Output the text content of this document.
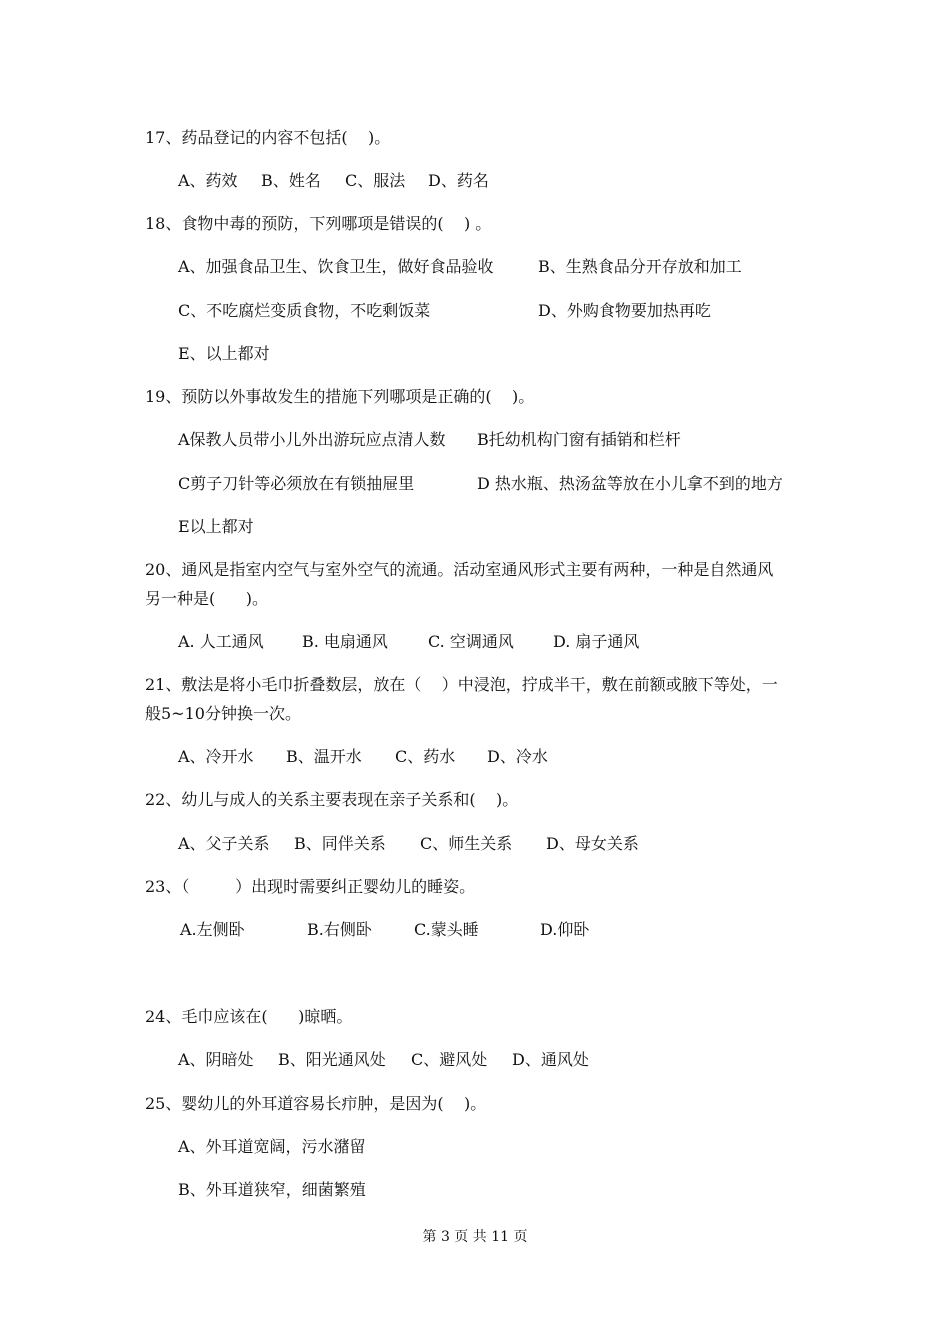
17、药品登记的内容不包括(    )。
A、药效 B、姓名 C、服法 D、药名
18、食物中毒的预防，下列哪项是错误的(    ) 。
A、加强食品卫生、饮食卫生，做好食品验收	B、生熟食品分开存放和加工
C、不吃腐烂变质食物，不吃剩饭菜	D、外购食物要加热再吃
E、以上都对
19、预防以外事故发生的措施下列哪项是正确的(    )。
A保教人员带小儿外出游玩应点清人数 B托幼机构门窗有插销和栏杆
C剪子刀针等必须放在有锁抽屉里	D 热水瓶、热汤盆等放在小儿拿不到的地方
E以上都对
20、通风是指室内空气与室外空气的流通。活动室通风形式主要有两种，一种是自然通风
另一种是(      )。
A. 人工通风 B. 电扇通风	C. 空调通风 D. 扇子通风
21、敷法是将小毛巾折叠数层，放在（    ）中浸泡，拧成半干，敷在前额或腋下等处，一
般5~10分钟换一次。
A、冷开水 B、温开水 C、药水 D、冷水
22、幼儿与成人的关系主要表现在亲子关系和(    )。
A、父子关系 B、同伴关系 C、师生关系 D、母女关系
23、（         ）出现时需要纠正婴幼儿的睡姿。
A.左侧卧	B.右侧卧	C.蒙头睡	D.仰卧
24、毛巾应该在(      )晾晒。
A、阴暗处 B、阳光通风处 C、避风处 D、通风处
25、婴幼儿的外耳道容易长疖肿，是因为(    )。
A、外耳道宽阔，污水潴留
B、外耳道狭窄，细菌繁殖
第 3 页 共 11 页
